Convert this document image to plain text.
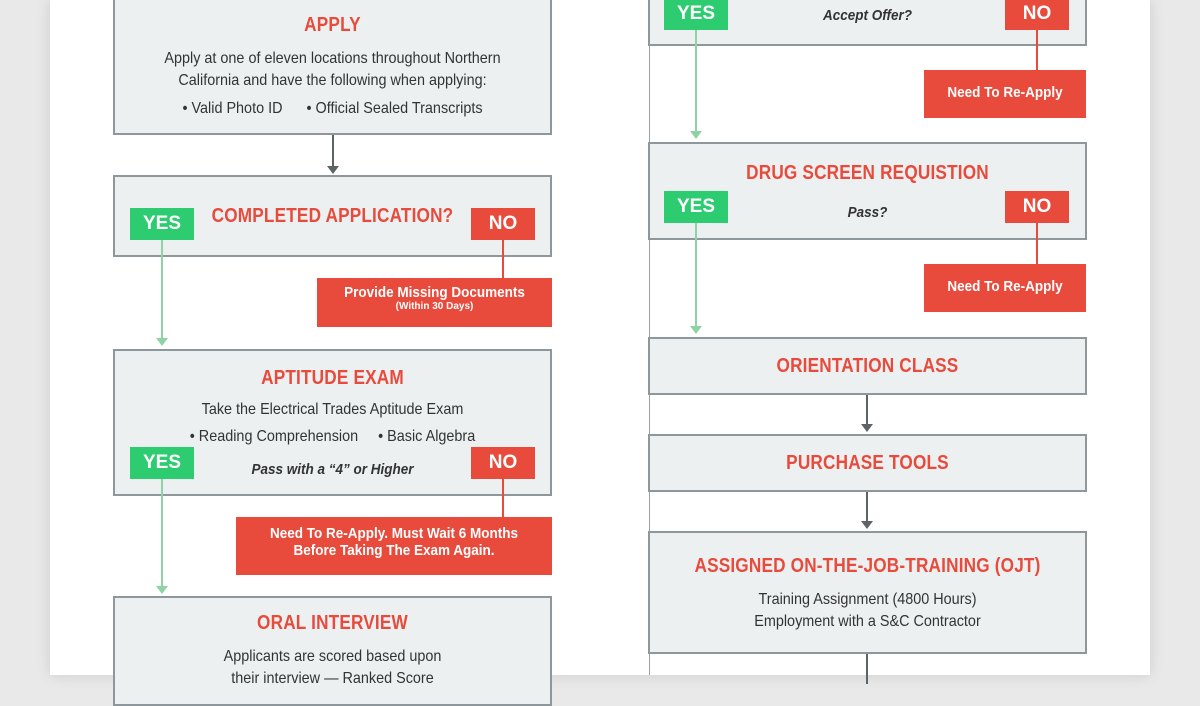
APPLY
Apply at one of eleven locations throughout Northern
California and have the following when applying:
• Valid Photo ID • Official Sealed Transcripts
COMPLETED APPLICATION?
YES	NO
Provide Missing Documents
(Within 30 Days)
APTITUDE EXAM
Take the Electrical Trades Aptitude Exam
• Reading Comprehension • Basic Algebra
Pass with a “4” or Higher
YES	NO
Need To Re-Apply. Must Wait 6 Months
Before Taking The Exam Again.
ORAL INTERVIEW
Applicants are scored based upon
their interview — Ranked Score
Accept Offer?
YES	NO
Need To Re-Apply
DRUG SCREEN REQUISTION
Pass?
YES	NO
Need To Re-Apply
ORIENTATION CLASS
PURCHASE TOOLS
ASSIGNED ON-THE-JOB-TRAINING (OJT)
Training Assignment (4800 Hours)
Employment with a S&C Contractor
